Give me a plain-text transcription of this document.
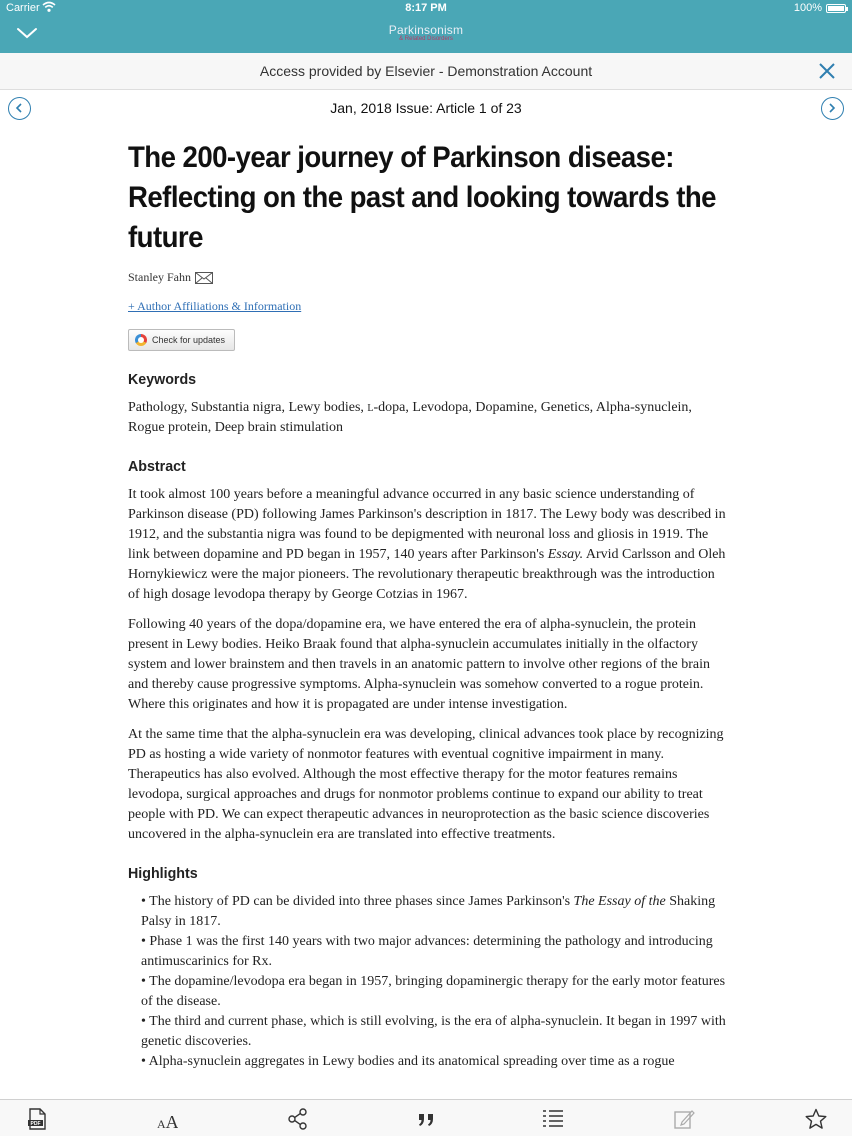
Carrier	8:17 PM	100%
Parkinsonism
& Related Disorders
Access provided by Elsevier - Demonstration Account
Jan, 2018 Issue: Article 1 of 23
The 200-year journey of Parkinson disease: Reflecting on the past and looking towards the future
Stanley Fahn
+ Author Affiliations & Information
Check for updates
Keywords

Pathology, Substantia nigra, Lewy bodies, l-dopa, Levodopa, Dopamine, Genetics, Alpha-synuclein, Rogue protein, Deep brain stimulation

Abstract

It took almost 100 years before a meaningful advance occurred in any basic science understanding of Parkinson disease (PD) following James Parkinson's description in 1817. The Lewy body was described in 1912, and the substantia nigra was found to be depigmented with neuronal loss and gliosis in 1919. The link between dopamine and PD began in 1957, 140 years after Parkinson's Essay. Arvid Carlsson and Oleh Hornykiewicz were the major pioneers. The revolutionary therapeutic breakthrough was the introduction of high dosage levodopa therapy by George Cotzias in 1967.

Following 40 years of the dopa/dopamine era, we have entered the era of alpha-synuclein, the protein present in Lewy bodies. Heiko Braak found that alpha-synuclein accumulates initially in the olfactory system and lower brainstem and then travels in an anatomic pattern to involve other regions of the brain and thereby cause progressive symptoms. Alpha-synuclein was somehow converted to a rogue protein. Where this originates and how it is propagated are under intense investigation.

At the same time that the alpha-synuclein era was developing, clinical advances took place by recognizing PD as hosting a wide variety of nonmotor features with eventual cognitive impairment in many. Therapeutics has also evolved. Although the most effective therapy for the motor features remains levodopa, surgical approaches and drugs for nonmotor problems continue to expand our ability to treat people with PD. We can expect therapeutic advances in neuroprotection as the basic science discoveries uncovered in the alpha-synuclein era are translated into effective treatments.

Highlights
• The history of PD can be divided into three phases since James Parkinson's The Essay of the Shaking Palsy in 1817.
• Phase 1 was the first 140 years with two major advances: determining the pathology and introducing antimuscarinics for Rx.
• The dopamine/levodopa era began in 1957, bringing dopaminergic therapy for the early motor features of the disease.
• The third and current phase, which is still evolving, is the era of alpha-synuclein. It began in 1997 with genetic discoveries.
• Alpha-synuclein aggregates in Lewy bodies and its anatomical spreading over time as a rogue
PDF	AA
